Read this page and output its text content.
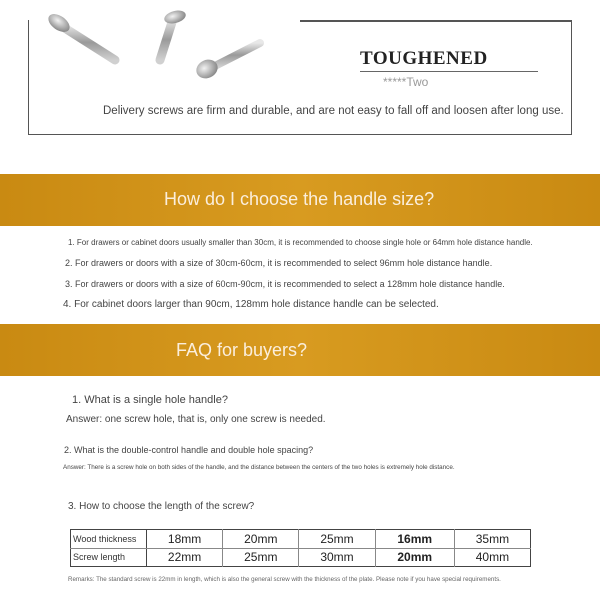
TOUGHENED
*****Two
Delivery screws are firm and durable, and are not easy to fall off and loosen after long use.
How do I choose the handle size?
1. For drawers or cabinet doors usually smaller than 30cm, it is recommended to choose single hole or 64mm hole distance handle.
2. For drawers or doors with a size of 30cm-60cm, it is recommended to select 96mm hole distance handle.
3. For drawers or doors with a size of 60cm-90cm, it is recommended to select a 128mm hole distance handle.
4. For cabinet doors larger than 90cm, 128mm hole distance handle can be selected.
FAQ for buyers?
1. What is a single hole handle?
Answer: one screw hole, that is, only one screw is needed.
2. What is the double-control handle and double hole spacing?
Answer: There is a screw hole on both sides of the handle, and the distance between the centers of the two holes is extremely hole distance.
3. How to choose the length of the screw?
Wood thickness	18mm	20mm	25mm	16mm	35mm
Screw length	22mm	25mm	30mm	20mm	40mm
Remarks: The standard screw is 22mm in length, which is also the general screw with the thickness of the plate. Please note if you have special requirements.
